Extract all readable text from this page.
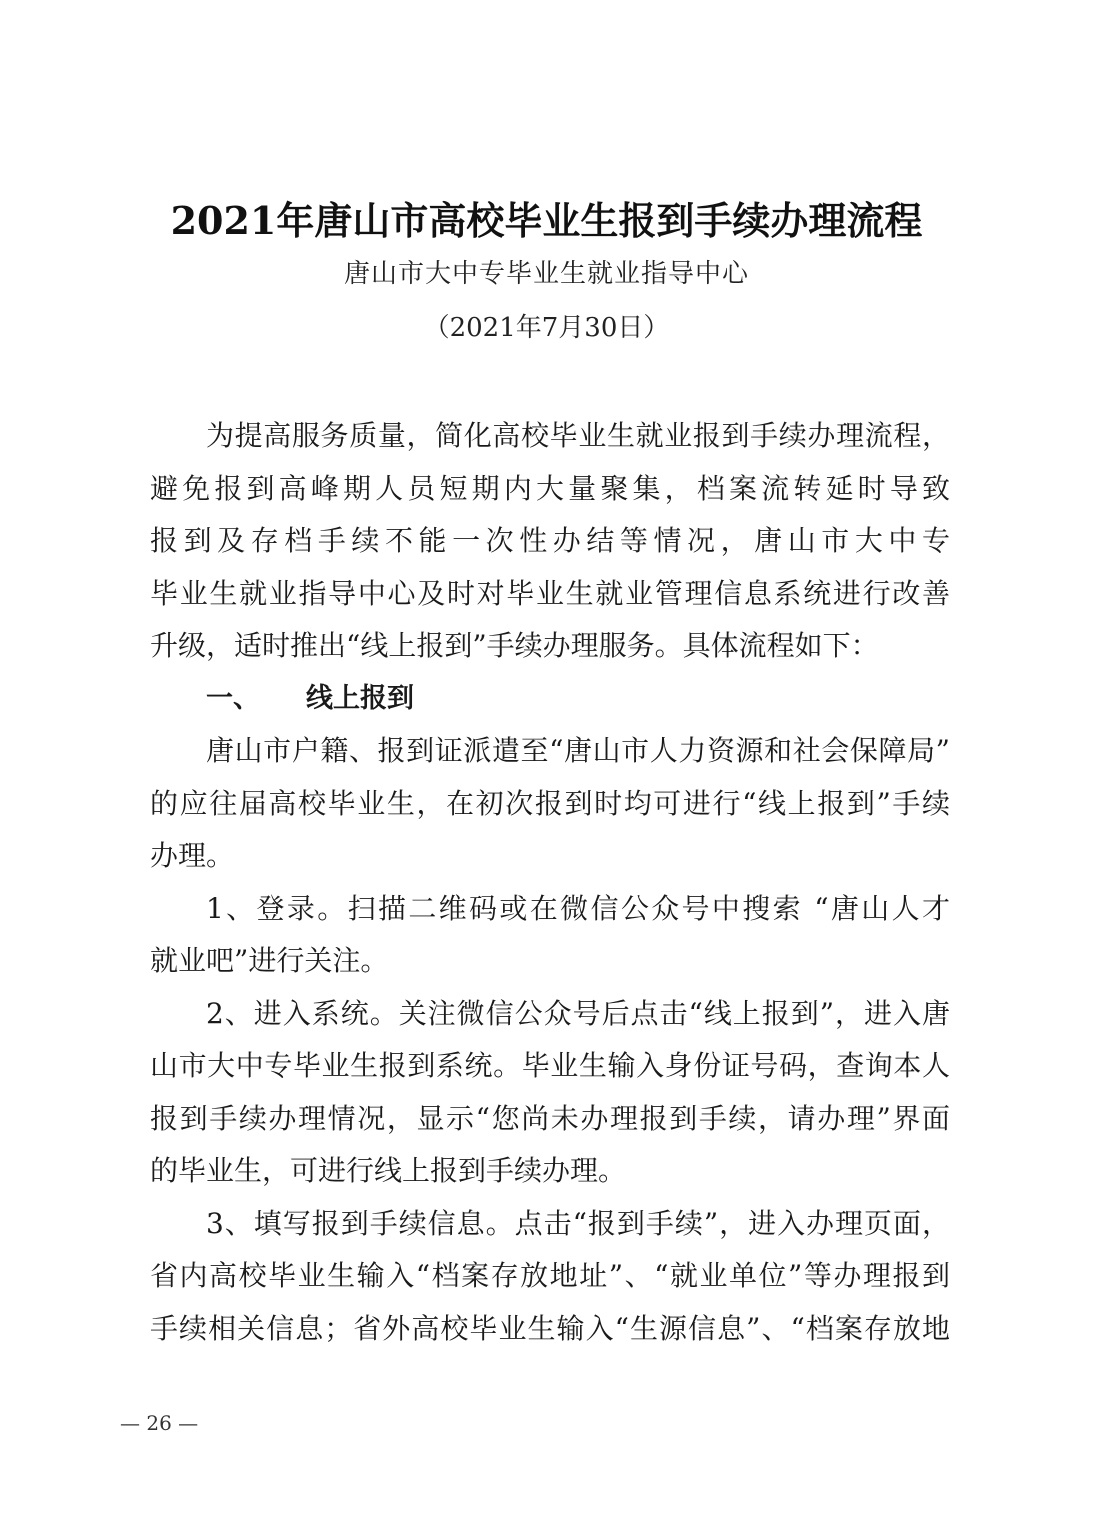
2021年唐山市高校毕业生报到手续办理流程
唐山市大中专毕业生就业指导中心
（2021年7月30日）
为提高服务质量，简化高校毕业生就业报到手续办理流程，
避免报到高峰期人员短期内大量聚集，档案流转延时导致
报到及存档手续不能一次性办结等情况，唐山市大中专
毕业生就业指导中心及时对毕业生就业管理信息系统进行改善
升级，适时推出“线上报到”手续办理服务。具体流程如下：
一、 线上报到
唐山市户籍、报到证派遣至“唐山市人力资源和社会保障局”
的应往届高校毕业生，在初次报到时均可进行“线上报到”手续
办理。
1、登录。扫描二维码或在微信公众号中搜索 “唐山人才
就业吧”进行关注。
2、进入系统。关注微信公众号后点击“线上报到”，进入唐
山市大中专毕业生报到系统。毕业生输入身份证号码，查询本人
报到手续办理情况，显示“您尚未办理报到手续，请办理”界面
的毕业生，可进行线上报到手续办理。
3、填写报到手续信息。点击“报到手续”，进入办理页面，
省内高校毕业生输入“档案存放地址”、“就业单位”等办理报到
手续相关信息；省外高校毕业生输入“生源信息”、“档案存放地
— 26 —
